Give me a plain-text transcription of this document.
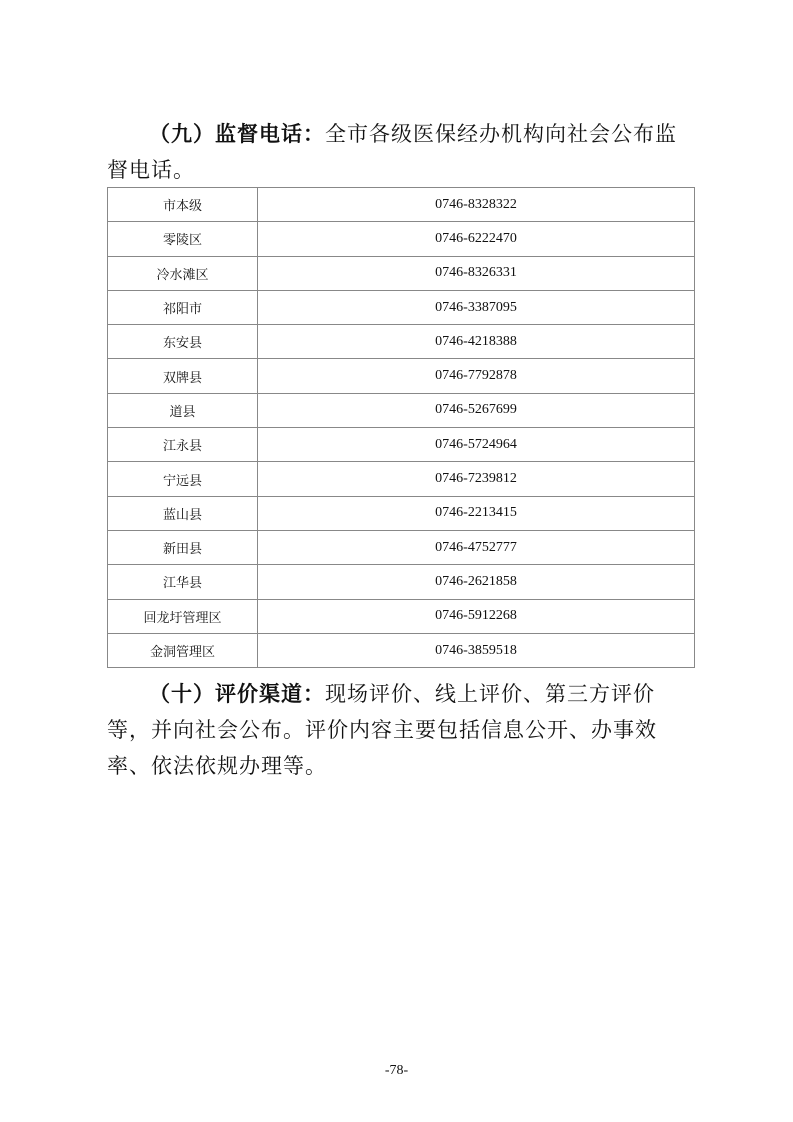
（九）监督电话：全市各级医保经办机构向社会公布监督电话。

市本级	0746-8328322
零陵区	0746-6222470
冷水滩区	0746-8326331
祁阳市	0746-3387095
东安县	0746-4218388
双牌县	0746-7792878
道县	0746-5267699
江永县	0746-5724964
宁远县	0746-7239812
蓝山县	0746-2213415
新田县	0746-4752777
江华县	0746-2621858
回龙圩管理区	0746-5912268
金洞管理区	0746-3859518

（十）评价渠道：现场评价、线上评价、第三方评价等，并向社会公布。评价内容主要包括信息公开、办事效率、依法依规办理等。

-78-
